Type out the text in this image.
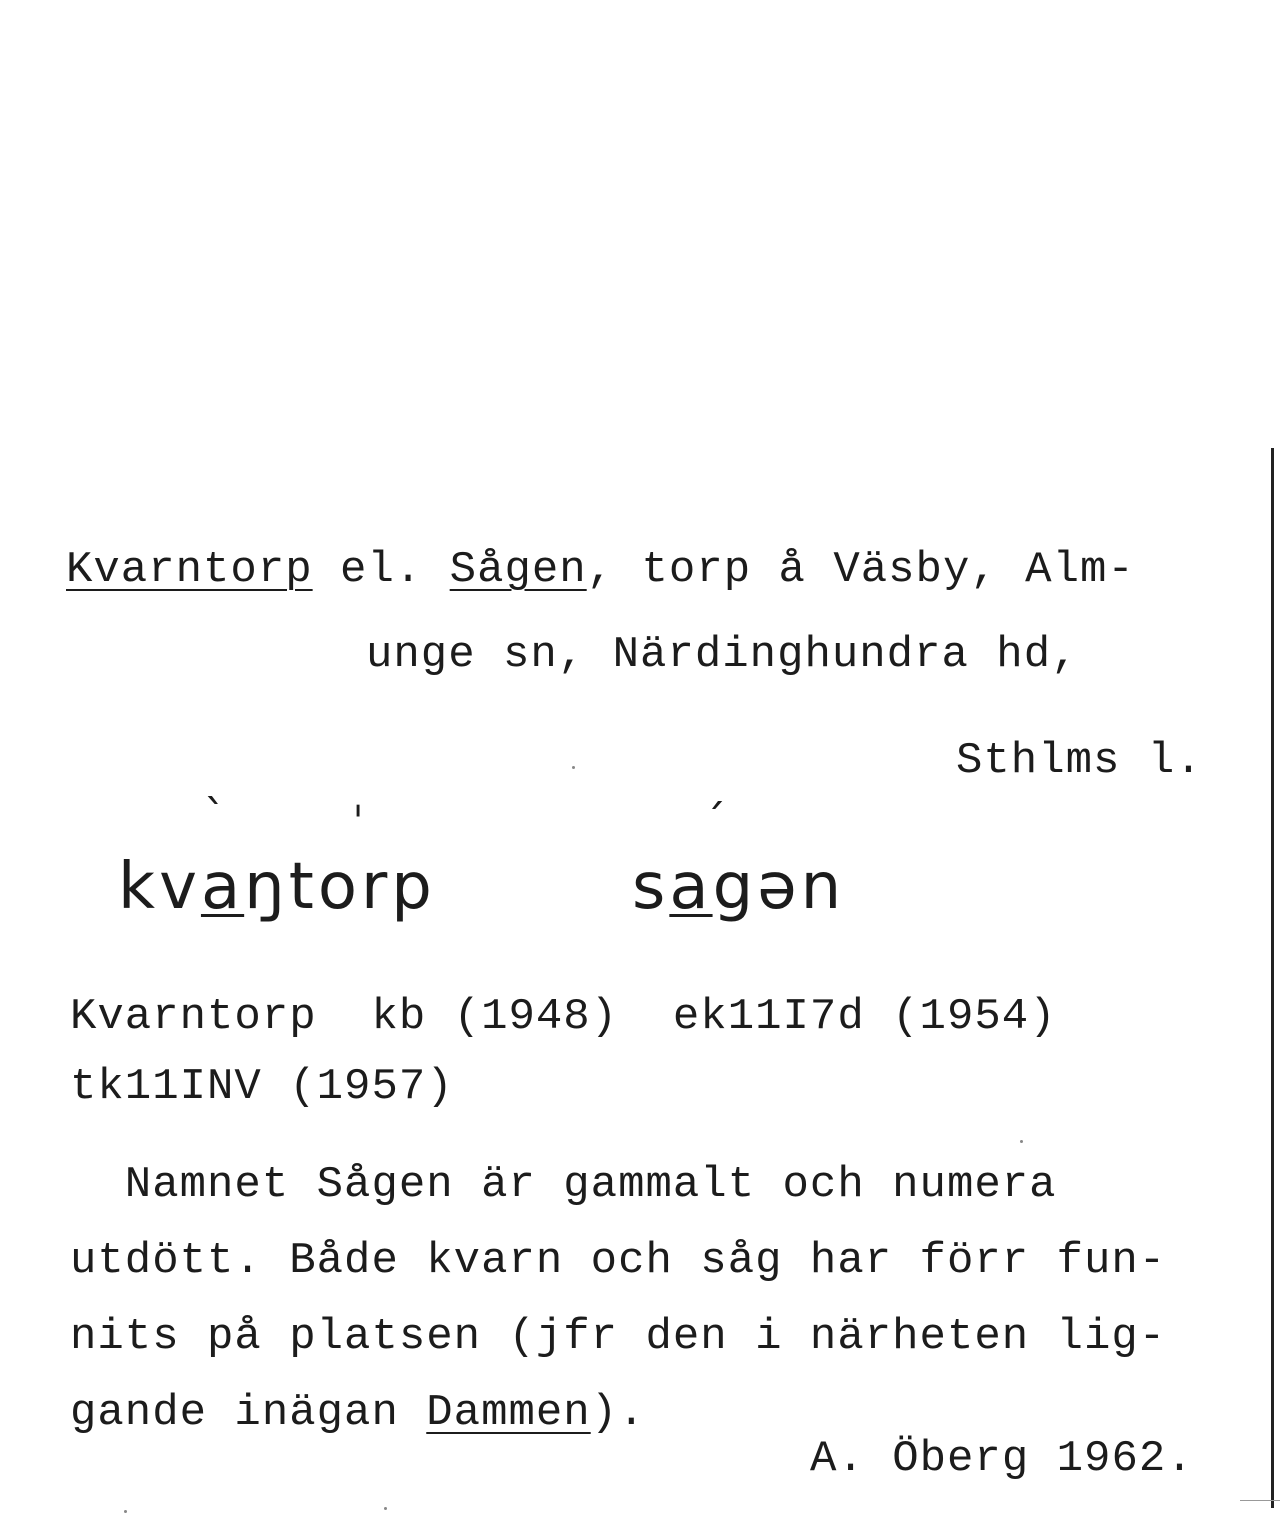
Kvarntorp el. Sågen, torp å Väsby, Alm-
unge sn, Närdinghundra hd,
Sthlms l.
`	ˈ	´
kvaŋtorp	sagən
Kvarntorp  kb (1948)  ek11I7d (1954)
tk11INV (1957)
Namnet Sågen är gammalt och numera
utdött. Både kvarn och såg har förr fun-
nits på platsen (jfr den i närheten lig-
gande inägan Dammen).
A. Öberg 1962.
